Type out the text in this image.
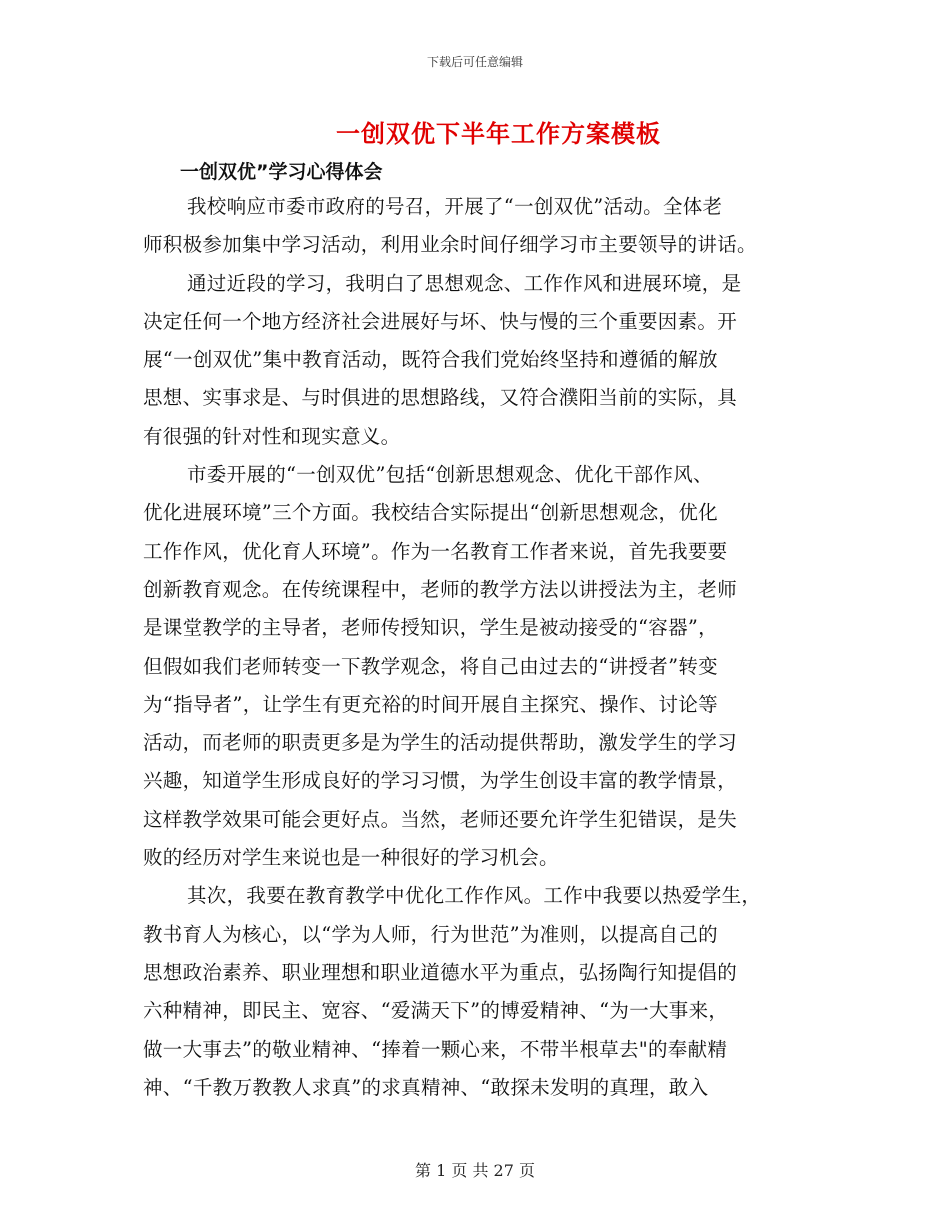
下载后可任意编辑
一创双优下半年工作方案模板
一创双优”学习心得体会
我校响应市委市政府的号召，开展了“一创双优”活动。全体老
师积极参加集中学习活动，利用业余时间仔细学习市主要领导的讲话。
通过近段的学习，我明白了思想观念、工作作风和进展环境，是
决定任何一个地方经济社会进展好与坏、快与慢的三个重要因素。开
展“一创双优”集中教育活动，既符合我们党始终坚持和遵循的解放
思想、实事求是、与时俱进的思想路线，又符合濮阳当前的实际，具
有很强的针对性和现实意义。
市委开展的“一创双优”包括“创新思想观念、优化干部作风、
优化进展环境”三个方面。我校结合实际提出“创新思想观念，优化
工作作风，优化育人环境”。作为一名教育工作者来说，首先我要要
创新教育观念。在传统课程中，老师的教学方法以讲授法为主，老师
是课堂教学的主导者，老师传授知识，学生是被动接受的“容器”，
但假如我们老师转变一下教学观念，将自己由过去的“讲授者”转变
为“指导者”，让学生有更充裕的时间开展自主探究、操作、讨论等
活动，而老师的职责更多是为学生的活动提供帮助，激发学生的学习
兴趣，知道学生形成良好的学习习惯，为学生创设丰富的教学情景，
这样教学效果可能会更好点。当然，老师还要允许学生犯错误，是失
败的经历对学生来说也是一种很好的学习机会。
其次，我要在教育教学中优化工作作风。工作中我要以热爱学生，
教书育人为核心，以“学为人师，行为世范”为准则，以提高自己的
思想政治素养、职业理想和职业道德水平为重点，弘扬陶行知提倡的
六种精神，即民主、宽容、“爱满天下”的博爱精神、“为一大事来，
做一大事去”的敬业精神、“捧着一颗心来，不带半根草去"的奉献精
神、“千教万教教人求真”的求真精神、“敢探未发明的真理，敢入
第 1 页 共 27 页
